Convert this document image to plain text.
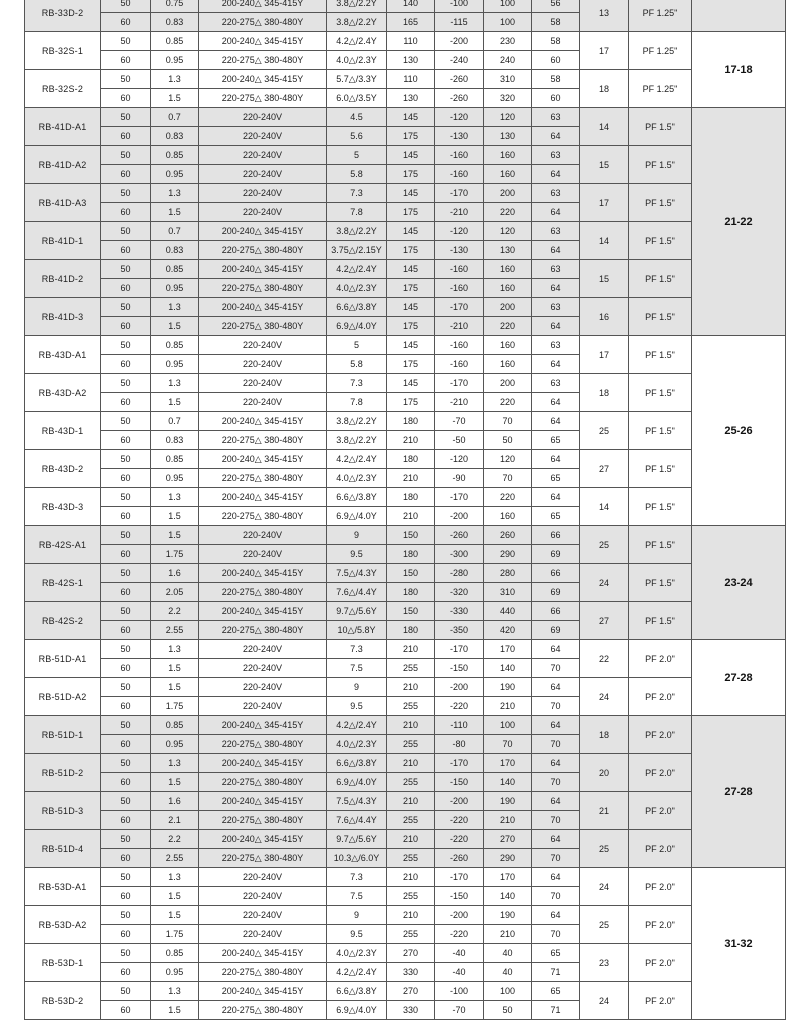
RB-33D-2	50	0.75	200-240△ 345-415Y	3.8△/2.2Y	140	-100	100	56	13	PF 1.25"	
	60	0.83	220-275△ 380-480Y	3.8△/2.2Y	165	-115	100	58			
RB-32S-1	50	0.85	200-240△ 345-415Y	4.2△/2.4Y	110	-200	230	58	17	PF 1.25"	17-18
	60	0.95	220-275△ 380-480Y	4.0△/2.3Y	130	-240	240	60			
RB-32S-2	50	1.3	200-240△ 345-415Y	5.7△/3.3Y	110	-260	310	58	18	PF 1.25"	
	60	1.5	220-275△ 380-480Y	6.0△/3.5Y	130	-260	320	60			
RB-41D-A1	50	0.7	220-240V	4.5	145	-120	120	63	14	PF 1.5"	21-22
	60	0.83	220-240V	5.6	175	-130	130	64			
RB-41D-A2	50	0.85	220-240V	5	145	-160	160	63	15	PF 1.5"	
	60	0.95	220-240V	5.8	175	-160	160	64			
RB-41D-A3	50	1.3	220-240V	7.3	145	-170	200	63	17	PF 1.5"	
	60	1.5	220-240V	7.8	175	-210	220	64			
RB-41D-1	50	0.7	200-240△ 345-415Y	3.8△/2.2Y	145	-120	120	63	14	PF 1.5"	
	60	0.83	220-275△ 380-480Y	3.75△/2.15Y	175	-130	130	64			
RB-41D-2	50	0.85	200-240△ 345-415Y	4.2△/2.4Y	145	-160	160	63	15	PF 1.5"	
	60	0.95	220-275△ 380-480Y	4.0△/2.3Y	175	-160	160	64			
RB-41D-3	50	1.3	200-240△ 345-415Y	6.6△/3.8Y	145	-170	200	63	16	PF 1.5"	
	60	1.5	220-275△ 380-480Y	6.9△/4.0Y	175	-210	220	64			
RB-43D-A1	50	0.85	220-240V	5	145	-160	160	63	17	PF 1.5"	25-26
	60	0.95	220-240V	5.8	175	-160	160	64			
RB-43D-A2	50	1.3	220-240V	7.3	145	-170	200	63	18	PF 1.5"	
	60	1.5	220-240V	7.8	175	-210	220	64			
RB-43D-1	50	0.7	200-240△ 345-415Y	3.8△/2.2Y	180	-70	70	64	25	PF 1.5"	
	60	0.83	220-275△ 380-480Y	3.8△/2.2Y	210	-50	50	65			
RB-43D-2	50	0.85	200-240△ 345-415Y	4.2△/2.4Y	180	-120	120	64	27	PF 1.5"	
	60	0.95	220-275△ 380-480Y	4.0△/2.3Y	210	-90	70	65			
RB-43D-3	50	1.3	200-240△ 345-415Y	6.6△/3.8Y	180	-170	220	64	14	PF 1.5"	
	60	1.5	220-275△ 380-480Y	6.9△/4.0Y	210	-200	160	65			
RB-42S-A1	50	1.5	220-240V	9	150	-260	260	66	25	PF 1.5"	23-24
	60	1.75	220-240V	9.5	180	-300	290	69			
RB-42S-1	50	1.6	200-240△ 345-415Y	7.5△/4.3Y	150	-280	280	66	24	PF 1.5"	
	60	2.05	220-275△ 380-480Y	7.6△/4.4Y	180	-320	310	69			
RB-42S-2	50	2.2	200-240△ 345-415Y	9.7△/5.6Y	150	-330	440	66	27	PF 1.5"	
	60	2.55	220-275△ 380-480Y	10△/5.8Y	180	-350	420	69			
RB-51D-A1	50	1.3	220-240V	7.3	210	-170	170	64	22	PF 2.0"	27-28
	60	1.5	220-240V	7.5	255	-150	140	70			
RB-51D-A2	50	1.5	220-240V	9	210	-200	190	64	24	PF 2.0"	
	60	1.75	220-240V	9.5	255	-220	210	70			
RB-51D-1	50	0.85	200-240△ 345-415Y	4.2△/2.4Y	210	-110	100	64	18	PF 2.0"	27-28
	60	0.95	220-275△ 380-480Y	4.0△/2.3Y	255	-80	70	70			
RB-51D-2	50	1.3	200-240△ 345-415Y	6.6△/3.8Y	210	-170	170	64	20	PF 2.0"	
	60	1.5	220-275△ 380-480Y	6.9△/4.0Y	255	-150	140	70			
RB-51D-3	50	1.6	200-240△ 345-415Y	7.5△/4.3Y	210	-200	190	64	21	PF 2.0"	
	60	2.1	220-275△ 380-480Y	7.6△/4.4Y	255	-220	210	70			
RB-51D-4	50	2.2	200-240△ 345-415Y	9.7△/5.6Y	210	-220	270	64	25	PF 2.0"	
	60	2.55	220-275△ 380-480Y	10.3△/6.0Y	255	-260	290	70			
RB-53D-A1	50	1.3	220-240V	7.3	210	-170	170	64	24	PF 2.0"	31-32
	60	1.5	220-240V	7.5	255	-150	140	70			
RB-53D-A2	50	1.5	220-240V	9	210	-200	190	64	25	PF 2.0"	
	60	1.75	220-240V	9.5	255	-220	210	70			
RB-53D-1	50	0.85	200-240△ 345-415Y	4.0△/2.3Y	270	-40	40	65	23	PF 2.0"	
	60	0.95	220-275△ 380-480Y	4.2△/2.4Y	330	-40	40	71			
RB-53D-2	50	1.3	200-240△ 345-415Y	6.6△/3.8Y	270	-100	100	65	24	PF 2.0"	
	60	1.5	220-275△ 380-480Y	6.9△/4.0Y	330	-70	50	71			
